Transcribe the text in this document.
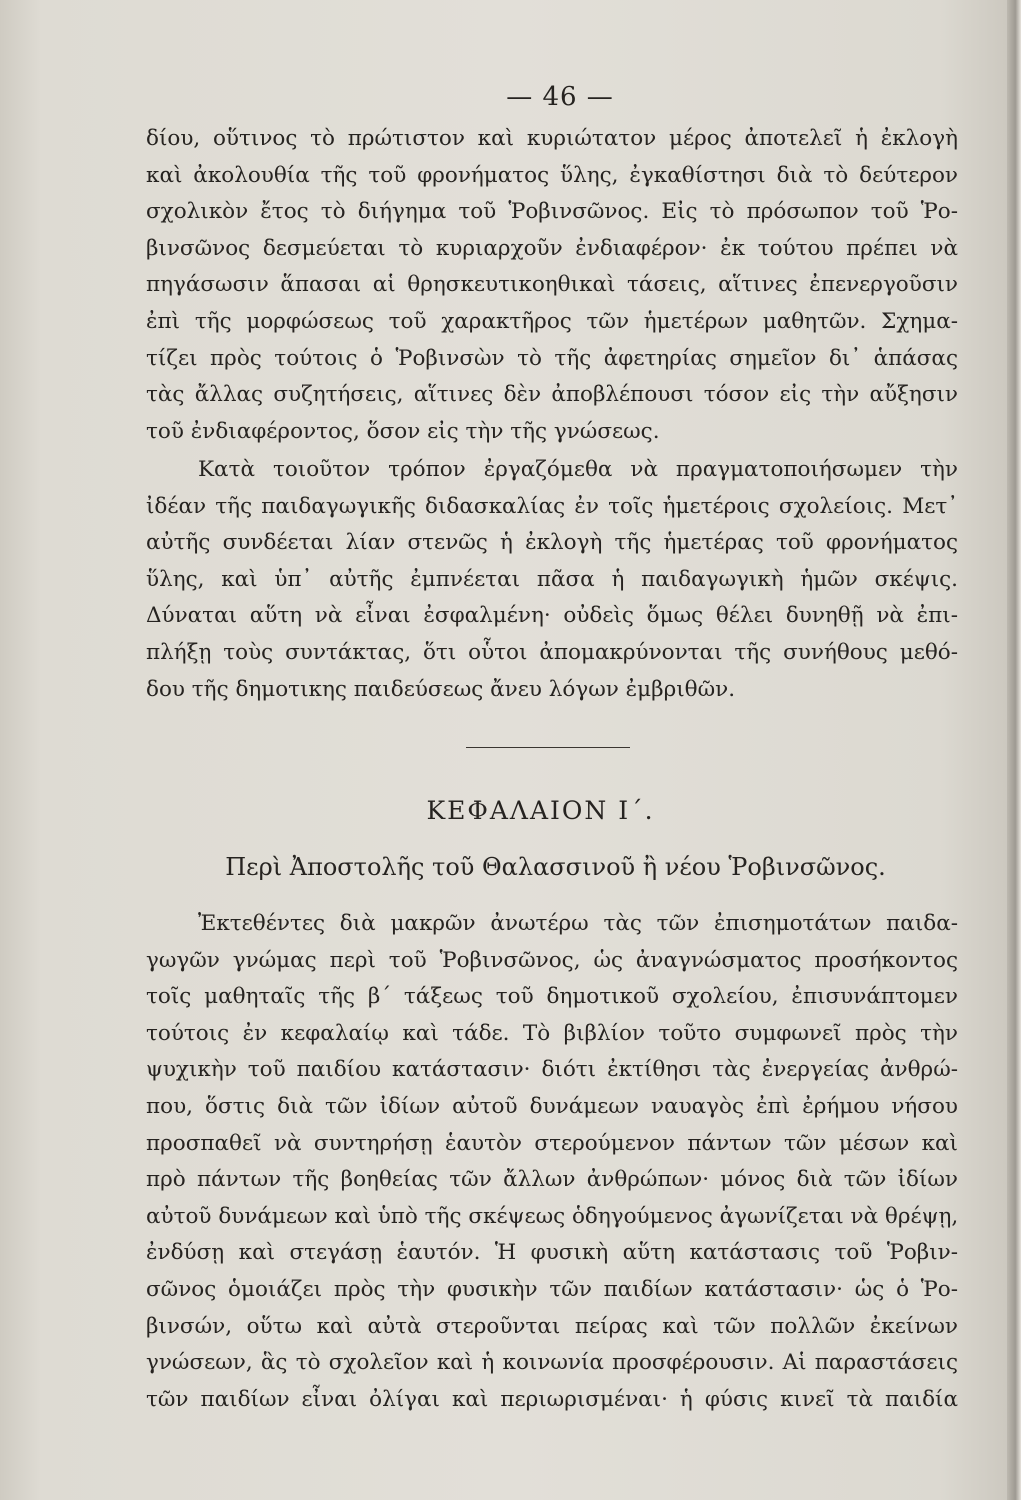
— 46 —
δίου, οὕτινος τὸ πρώτιστον καὶ κυριώτατον μέρος ἀποτελεῖ ἡ ἐκλογὴ
καὶ ἀκολουθία τῆς τοῦ φρονήματος ὕλης, ἐγκαθίστησι διὰ τὸ δεύτερον
σχολικὸν ἔτος τὸ διήγημα τοῦ Ῥοβινσῶνος. Εἰς τὸ πρόσωπον τοῦ Ῥο-
βινσῶνος δεσμεύεται τὸ κυριαρχοῦν ἐνδιαφέρον· ἐκ τούτου πρέπει νὰ
πηγάσωσιν ἅπασαι αἱ θρησκευτικοηθικαὶ τάσεις, αἵτινες ἐπενεργοῦσιν
ἐπὶ τῆς μορφώσεως τοῦ χαρακτῆρος τῶν ἡμετέρων μαθητῶν. Σχημα-
τίζει πρὸς τούτοις ὁ Ῥοβινσὼν τὸ τῆς ἀφετηρίας σημεῖον δι᾿ ἁπάσας
τὰς ἄλλας συζητήσεις, αἵτινες δὲν ἀποβλέπουσι τόσον εἰς τὴν αὔξησιν
τοῦ ἐνδιαφέροντος, ὅσον εἰς τὴν τῆς γνώσεως.
Κατὰ τοιοῦτον τρόπον ἐργαζόμεθα νὰ πραγματοποιήσωμεν τὴν
ἰδέαν τῆς παιδαγωγικῆς διδασκαλίας ἐν τοῖς ἡμετέροις σχολείοις. Μετ᾿
αὐτῆς συνδέεται λίαν στενῶς ἡ ἐκλογὴ τῆς ἡμετέρας τοῦ φρονήματος
ὕλης, καὶ ὑπ᾿ αὐτῆς ἐμπνέεται πᾶσα ἡ παιδαγωγικὴ ἡμῶν σκέψις.
Δύναται αὕτη νὰ εἶναι ἐσφαλμένη· οὐδεὶς ὅμως θέλει δυνηθῇ νὰ ἐπι-
πλήξῃ τοὺς συντάκτας, ὅτι οὗτοι ἀπομακρύνονται τῆς συνήθους μεθό-
δου τῆς δημοτικης παιδεύσεως ἄνευ λόγων ἐμβριθῶν.
ΚΕΦΑΛΑΙΟΝ Ι΄.
Περὶ Ἀποστολῆς τοῦ Θαλασσινοῦ ἢ νέου Ῥοβινσῶνος.
Ἐκτεθέντες διὰ μακρῶν ἀνωτέρω τὰς τῶν ἐπισημοτάτων παιδα-
γωγῶν γνώμας περὶ τοῦ Ῥοβινσῶνος, ὡς ἀναγνώσματος προσήκοντος
τοῖς μαθηταῖς τῆς β΄ τάξεως τοῦ δημοτικοῦ σχολείου, ἐπισυνάπτομεν
τούτοις ἐν κεφαλαίῳ καὶ τάδε. Τὸ βιβλίον τοῦτο συμφωνεῖ πρὸς τὴν
ψυχικὴν τοῦ παιδίου κατάστασιν· διότι ἐκτίθησι τὰς ἐνεργείας ἀνθρώ-
που, ὅστις διὰ τῶν ἰδίων αὐτοῦ δυνάμεων ναυαγὸς ἐπὶ ἐρήμου νήσου
προσπαθεῖ νὰ συντηρήσῃ ἑαυτὸν στερούμενον πάντων τῶν μέσων καὶ
πρὸ πάντων τῆς βοηθείας τῶν ἄλλων ἀνθρώπων· μόνος διὰ τῶν ἰδίων
αὐτοῦ δυνάμεων καὶ ὑπὸ τῆς σκέψεως ὁδηγούμενος ἀγωνίζεται νὰ θρέψῃ,
ἐνδύσῃ καὶ στεγάσῃ ἑαυτόν. Ἡ φυσικὴ αὕτη κατάστασις τοῦ Ῥοβιν-
σῶνος ὁμοιάζει πρὸς τὴν φυσικὴν τῶν παιδίων κατάστασιν· ὡς ὁ Ῥο-
βινσών, οὕτω καὶ αὐτὰ στεροῦνται πείρας καὶ τῶν πολλῶν ἐκείνων
γνώσεων, ἃς τὸ σχολεῖον καὶ ἡ κοινωνία προσφέρουσιν. Αἱ παραστάσεις
τῶν παιδίων εἶναι ὀλίγαι καὶ περιωρισμέναι· ἡ φύσις κινεῖ τὰ παιδία
